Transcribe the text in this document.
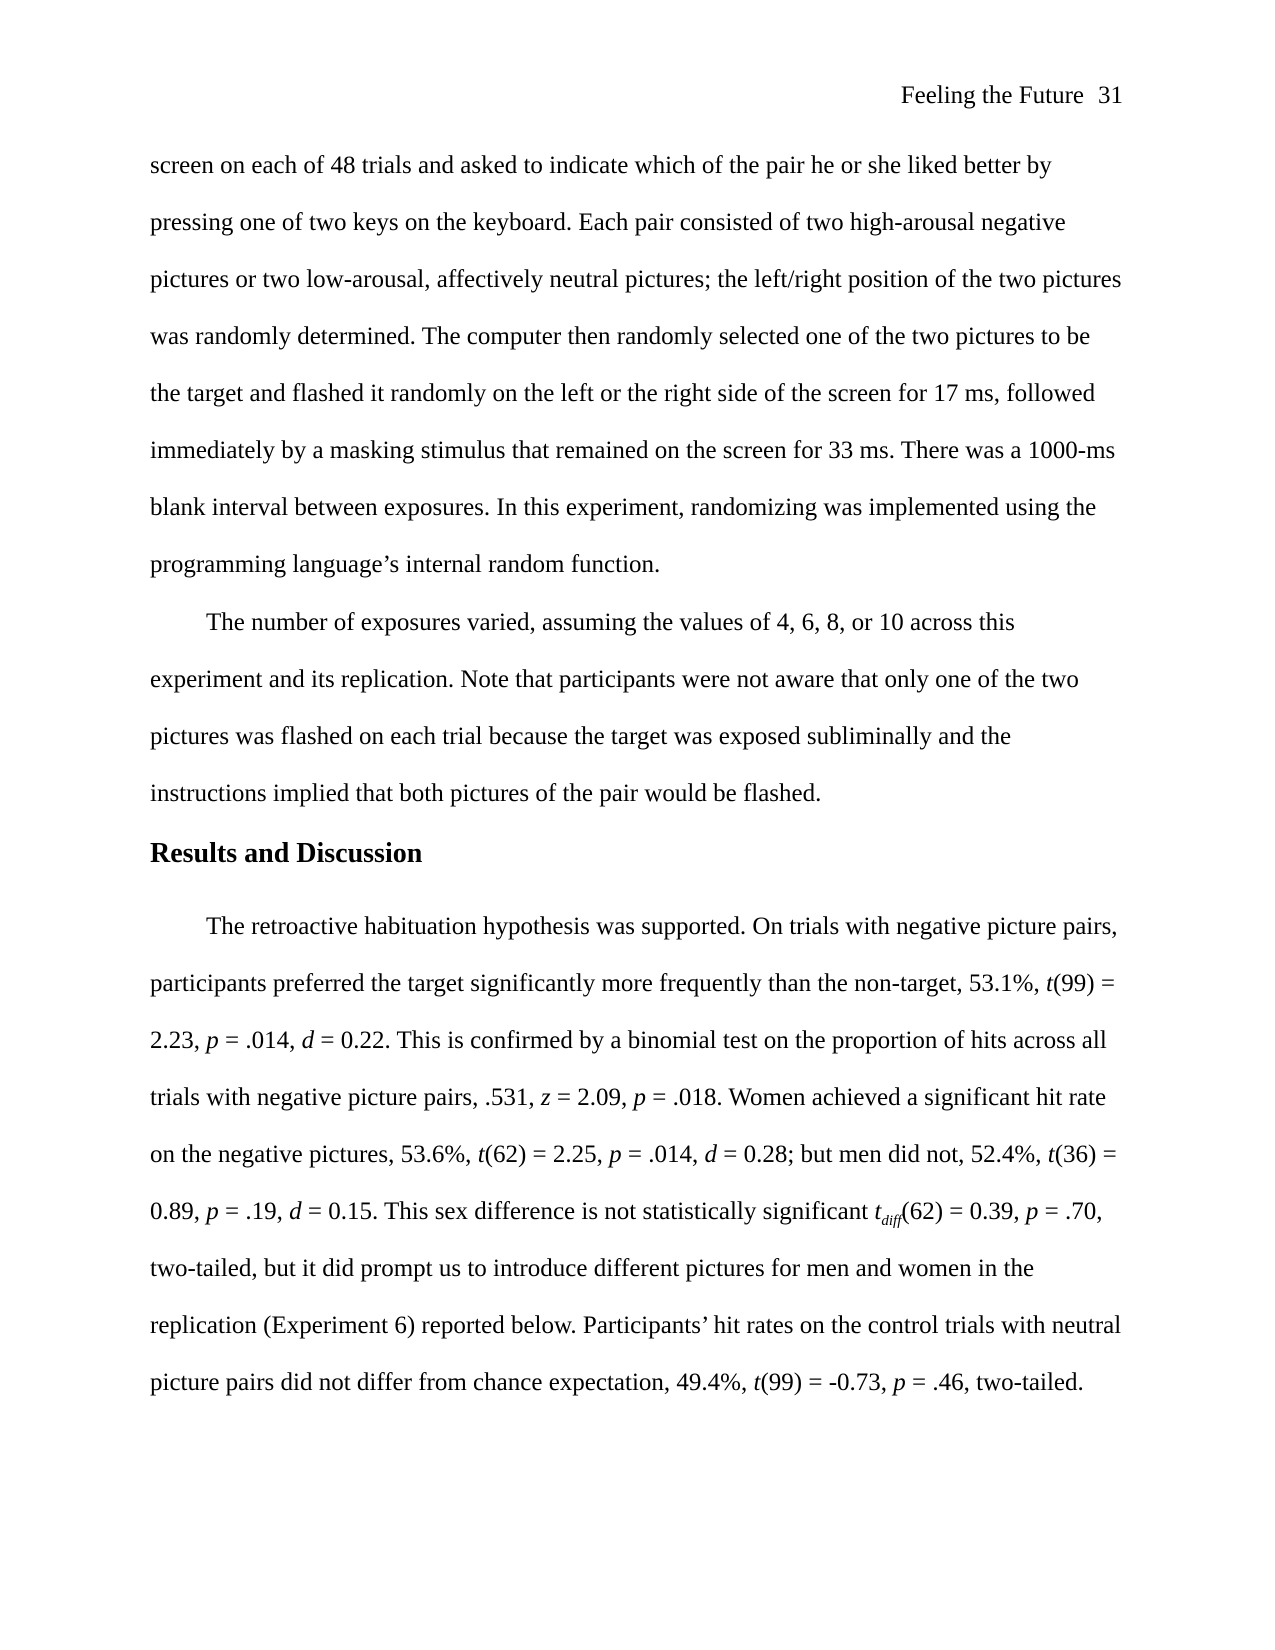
Feeling the Future 31

screen on each of 48 trials and asked to indicate which of the pair he or she liked better by
pressing one of two keys on the keyboard. Each pair consisted of two high-arousal negative
pictures or two low-arousal, affectively neutral pictures; the left/right position of the two pictures
was randomly determined. The computer then randomly selected one of the two pictures to be
the target and flashed it randomly on the left or the right side of the screen for 17 ms, followed
immediately by a masking stimulus that remained on the screen for 33 ms. There was a 1000-ms
blank interval between exposures. In this experiment, randomizing was implemented using the
programming language’s internal random function.

The number of exposures varied, assuming the values of 4, 6, 8, or 10 across this
experiment and its replication. Note that participants were not aware that only one of the two
pictures was flashed on each trial because the target was exposed subliminally and the
instructions implied that both pictures of the pair would be flashed.

Results and Discussion

The retroactive habituation hypothesis was supported. On trials with negative picture pairs,
participants preferred the target significantly more frequently than the non-target, 53.1%, t(99) =
2.23, p = .014, d = 0.22. This is confirmed by a binomial test on the proportion of hits across all
trials with negative picture pairs, .531, z = 2.09, p = .018. Women achieved a significant hit rate
on the negative pictures, 53.6%, t(62) = 2.25, p = .014, d = 0.28; but men did not, 52.4%, t(36) =
0.89, p = .19, d = 0.15. This sex difference is not statistically significant $t_{diff}(62) = 0.39$, p = .70,
two-tailed, but it did prompt us to introduce different pictures for men and women in the
replication (Experiment 6) reported below. Participants’ hit rates on the control trials with neutral
picture pairs did not differ from chance expectation, 49.4%, t(99) = -0.73, p = .46, two-tailed.
